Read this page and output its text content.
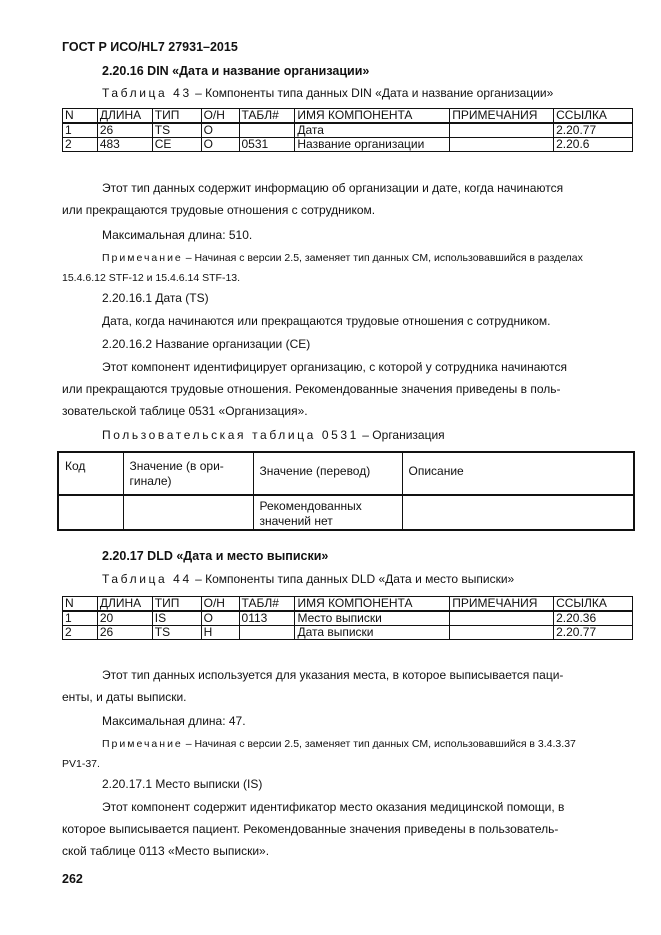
ГОСТ Р ИСО/HL7 27931–2015
2.20.16 DIN «Дата и название организации»
Таблица 43 – Компоненты типа данных DIN «Дата и название организации»
N	ДЛИНА	ТИП	О/Н	ТАБЛ#	ИМЯ КОМПОНЕНТА	ПРИМЕЧАНИЯ	ССЫЛКА
1	26	TS	О		Дата		2.20.77
2	483	CE	О	0531	Название организации		2.20.6
Этот тип данных содержит информацию об организации и дате, когда начинаются
или прекращаются трудовые отношения с сотрудником.
Максимальная длина: 510.
Примечание – Начиная с версии 2.5, заменяет тип данных CM, использовавшийся в разделах
15.4.6.12 STF-12 и 15.4.6.14 STF-13.
2.20.16.1 Дата (TS)
Дата, когда начинаются или прекращаются трудовые отношения с сотрудником.
2.20.16.2 Название организации (CE)
Этот компонент идентифицирует организацию, с которой у сотрудника начинаются
или прекращаются трудовые отношения. Рекомендованные значения приведены в поль-
зовательской таблице 0531 «Организация».
Пользовательская таблица 0531 – Организация
Код	Значение (в ори-
гинале)	Значение (перевод)	Описание
		Рекомендованных
значений нет	
2.20.17 DLD «Дата и место выписки»
Таблица 44 – Компоненты типа данных DLD «Дата и место выписки»
N	ДЛИНА	ТИП	О/Н	ТАБЛ#	ИМЯ КОМПОНЕНТА	ПРИМЕЧАНИЯ	ССЫЛКА
1	20	IS	О	0113	Место выписки		2.20.36
2	26	TS	Н		Дата выписки		2.20.77
Этот тип данных используется для указания места, в которое выписывается паци-
енты, и даты выписки.
Максимальная длина: 47.
Примечание – Начиная с версии 2.5, заменяет тип данных CM, использовавшийся в 3.4.3.37
PV1-37.
2.20.17.1 Место выписки (IS)
Этот компонент содержит идентификатор место оказания медицинской помощи, в
которое выписывается пациент. Рекомендованные значения приведены в пользователь-
ской таблице 0113 «Место выписки».
262
